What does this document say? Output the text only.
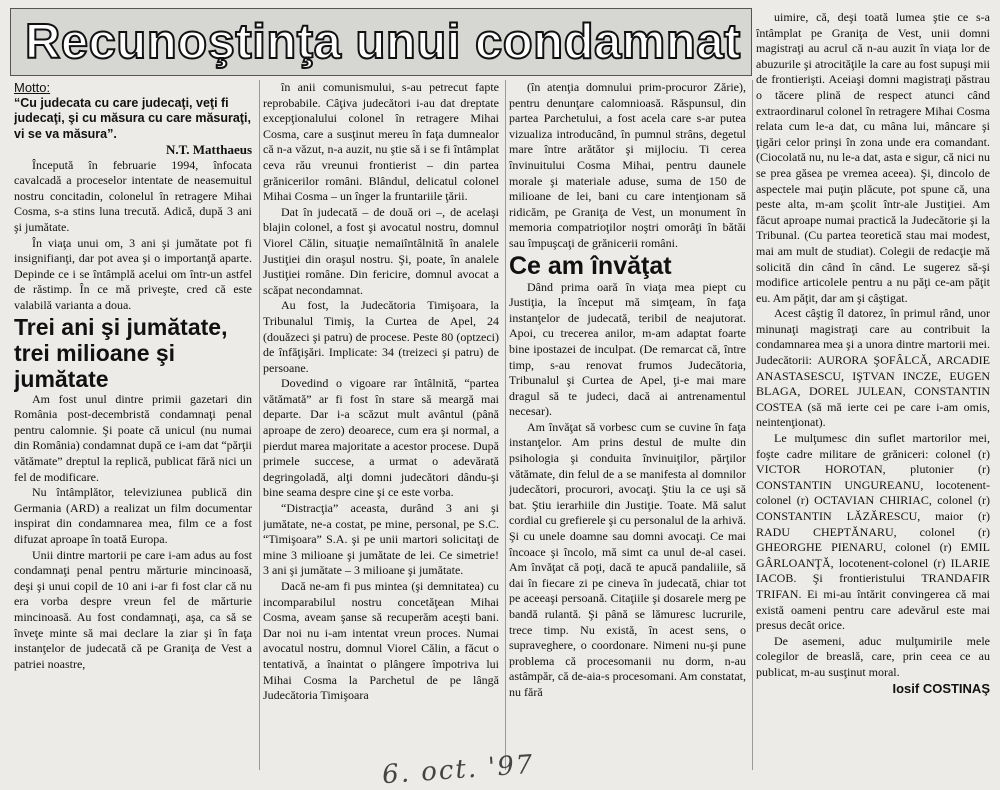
Recunoştinţa unui condamnat

Motto:

“Cu judecata cu care judecaţi, veţi fi judecaţi, şi cu măsura cu care măsuraţi, vi se va măsura”.

N.T. Matthaeus

Începută în februarie 1994, înfocata cavalcadă a proceselor intentate de neasemuitul nostru concitadin, colonelul în retragere Mihai Cosma, s-a stins luna trecută. Adică, după 3 ani şi jumătate.

În viaţa unui om, 3 ani şi jumătate pot fi insignifianţi, dar pot avea şi o importanţă aparte. Depinde ce i se întâmplă acelui om într-un astfel de răstimp. În ce mă priveşte, cred că este valabilă varianta a doua.

Trei ani şi jumătate, trei milioane şi jumătate

Am fost unul dintre primii gazetari din România post-decembristă condamnaţi penal pentru calomnie. Şi poate că unicul (nu numai din România) condamnat după ce i-am dat “părţii vătămate” dreptul la replică, publicat fără nici un fel de modificare.

Nu întâmplător, televiziunea publică din Germania (ARD) a realizat un film documentar inspirat din condamnarea mea, film ce a fost difuzat aproape în toată Europa.

Unii dintre martorii pe care i-am adus au fost condamnaţi penal pentru mărturie mincinoasă, deşi şi unui copil de 10 ani i-ar fi fost clar că nu era vorba despre vreun fel de mărturie mincinoasă. Au fost condamnaţi, aşa, ca să se înveţe minte să mai declare la ziar şi în faţa instanţelor de judecată că pe Graniţa de Vest a patriei noastre,

în anii comunismului, s-au petrecut fapte reprobabile. Câţiva judecători i-au dat dreptate excepţionalului colonel în retragere Mihai Cosma, care a susţinut mereu în faţa dumnealor că n-a văzut, n-a auzit, nu ştie să i se fi întâmplat ceva rău vreunui frontierist – din partea grănicerilor români. Blândul, delicatul colonel Mihai Cosma – un înger la fruntariile ţării.

Dat în judecată – de două ori –, de acelaşi blajin colonel, a fost şi avocatul nostru, domnul Viorel Călin, situaţie nemaiîntâlnită în analele Justiţiei din oraşul nostru. Şi, poate, în analele Justiţiei române. Din fericire, domnul avocat a scăpat necondamnat.

Au fost, la Judecătoria Timişoara, la Tribunalul Timiş, la Curtea de Apel, 24 (douăzeci şi patru) de procese. Peste 80 (optzeci) de înfăţişări. Implicate: 34 (treizeci şi patru) de persoane.

Dovedind o vigoare rar întâlnită, “partea vătămată” ar fi fost în stare să meargă mai departe. Dar i-a scăzut mult avântul (până aproape de zero) deoarece, cum era şi normal, a pierdut marea majoritate a acestor procese. După primele succese, a urmat o adevărată degringoladă, alţi domni judecători dându-şi bine seama despre cine şi ce este vorba.

“Distracţia” aceasta, durând 3 ani şi jumătate, ne-a costat, pe mine, personal, pe S.C. “Timişoara” S.A. şi pe unii martori solicitaţi de mine 3 milioane şi jumătate de lei. Ce simetrie! 3 ani şi jumătate – 3 milioane şi jumătate.

Dacă ne-am fi pus mintea (şi demnitatea) cu incomparabilul nostru concetăţean Mihai Cosma, aveam şanse să recuperăm aceşti bani. Dar noi nu i-am intentat vreun proces. Numai avocatul nostru, domnul Viorel Călin, a făcut o tentativă, a înaintat o plângere împotriva lui Mihai Cosma la Parchetul de pe lângă Judecătoria Timişoara

(în atenţia domnului prim-procuror Zărie), pentru denunţare calomnioasă. Răspunsul, din partea Parchetului, a fost acela care s-ar putea vizualiza introducând, în pumnul strâns, degetul mare între arătător şi mijlociu. Ti cerea învinuitului Cosma Mihai, pentru daunele morale şi materiale aduse, suma de 150 de milioane de lei, bani cu care intenţionam să ridicăm, pe Graniţa de Vest, un monument în memoria compatrioţilor noştri omorâţi în bătăi sau împuşcaţi de grănicerii români.

Ce am învăţat

Dând prima oară în viaţa mea piept cu Justiţia, la început mă simţeam, în faţa instanţelor de judecată, teribil de neajutorat. Apoi, cu trecerea anilor, m-am adaptat foarte bine ipostazei de inculpat. (De remarcat că, între timp, s-au renovat frumos Judecătoria, Tribunalul şi Curtea de Apel, ţi-e mai mare dragul să te judeci, dacă ai antrenamentul necesar).

Am învăţat să vorbesc cum se cuvine în faţa instanţelor. Am prins destul de multe din psihologia şi conduita învinuiţilor, părţilor vătămate, din felul de a se manifesta al domnilor judecători, procurori, avocaţi. Ştiu la ce uşi să bat. Ştiu ierarhiile din Justiţie. Toate. Mă salut cordial cu grefierele şi cu personalul de la arhivă. Şi cu unele doamne sau domni avocaţi. Ce mai încoace şi încolo, mă simt ca unul de-al casei. Am învăţat că poţi, dacă te apucă pandaliile, să dai în fiecare zi pe cineva în judecată, chiar tot pe aceeaşi persoană. Citaţiile şi dosarele merg pe bandă rulantă. Şi până se lămuresc lucrurile, trece timp. Nu există, în acest sens, o supraveghere, o coordonare. Nimeni nu-şi pune problema că procesomanii nu dorm, n-au astâmpăr, că de-aia-s procesomani. Am constatat, nu fără

uimire, că, deşi toată lumea ştie ce s-a întâmplat pe Graniţa de Vest, unii domni magistraţi au acrul că n-au auzit în viaţa lor de abuzurile şi atrocităţile la care au fost supuşi mii de frontierişti. Aceiaşi domni magistraţi păstrau o tăcere plină de respect atunci când extraordinarul colonel în retragere Mihai Cosma relata cum le-a dat, cu mâna lui, mâncare şi ţigări celor prinşi în zona unde era comandant. (Ciocolată nu, nu le-a dat, asta e sigur, că nici nu se prea găsea pe vremea aceea). Şi, dincolo de aspectele mai puţin plăcute, pot spune că, una peste alta, m-am şcolit într-ale Justiţiei. Am făcut aproape numai practică la Judecătorie şi la Tribunal. (Cu partea teoretică stau mai modest, mai am mult de studiat). Colegii de redacţie mă solicită din când în când. Le sugerez să-şi modifice articolele pentru a nu păţi ce-am păţit eu. Am păţit, dar am şi câştigat.

Acest câştig îl datorez, în primul rând, unor minunaţi magistraţi care au contribuit la condamnarea mea şi a unora dintre martorii mei. Judecătorii: AURORA ŞOFÂLCĂ, ARCADIE ANASTASESCU, IŞTVAN INCZE, EUGEN BLAGA, DOREL JULEAN, CONSTANTIN COSTEA (să mă ierte cei pe care i-am omis, neintenţionat).

Le mulţumesc din suflet martorilor mei, foşte cadre militare de grăniceri: colonel (r) VICTOR HOROTAN, plutonier (r) CONSTANTIN UNGUREANU, locotenent-colonel (r) OCTAVIAN CHIRIAC, colonel (r) CONSTANTIN LĂZĂRESCU, maior (r) RADU CHEPTĂNARU, colonel (r) GHEORGHE PIENARU, colonel (r) EMIL GÂRLOANŢĂ, locotenent-colonel (r) ILARIE IACOB. Şi frontieristului TRANDAFIR TRIFAN. Ei mi-au întărit convingerea că mai există oameni pentru care adevărul este mai presus decât orice.

De asemeni, aduc mulţumirile mele colegilor de breaslă, care, prin ceea ce au publicat, m-au susţinut moral.

Iosif COSTINAŞ

6. oct. '97
